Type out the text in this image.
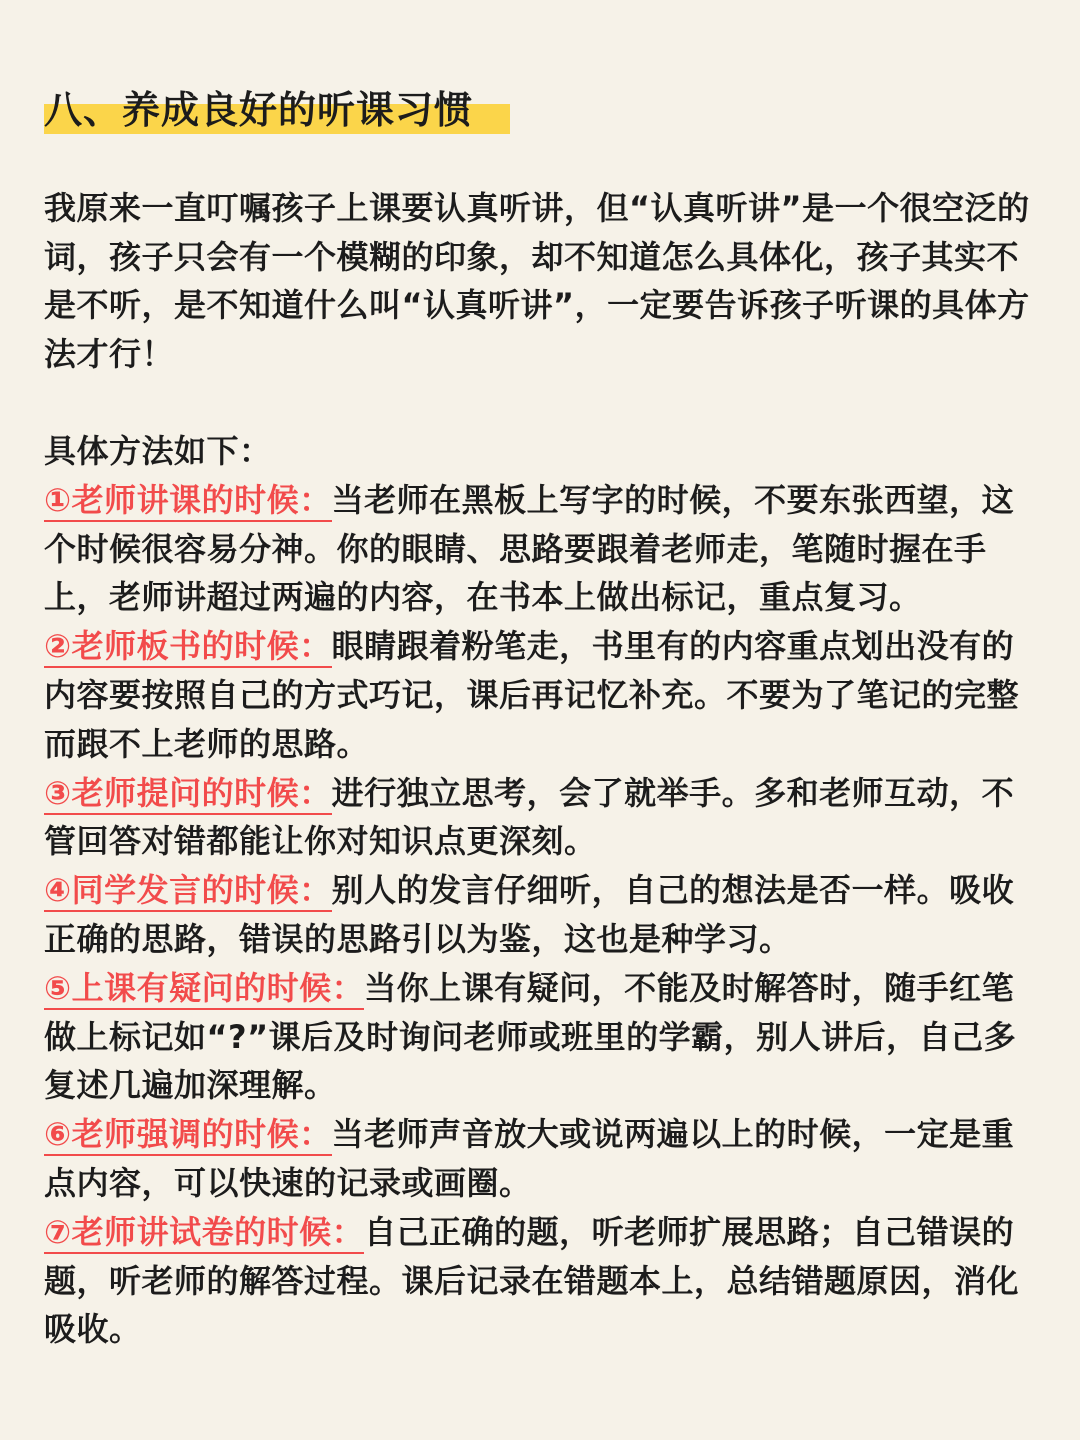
八、养成良好的听课习惯

我原来一直叮嘱孩子上课要认真听讲，但“认真听讲”是一个很空泛的词，孩子只会有一个模糊的印象，却不知道怎么具体化，孩子其实不是不听，是不知道什么叫“认真听讲”，一定要告诉孩子听课的具体方法才行！

具体方法如下：

①老师讲课的时候：当老师在黑板上写字的时候，不要东张西望，这个时候很容易分神。你的眼睛、思路要跟着老师走，笔随时握在手上，老师讲超过两遍的内容，在书本上做出标记，重点复习。

②老师板书的时候：眼睛跟着粉笔走，书里有的内容重点划出没有的内容要按照自己的方式巧记，课后再记忆补充。不要为了笔记的完整而跟不上老师的思路。

③老师提问的时候：进行独立思考，会了就举手。多和老师互动，不管回答对错都能让你对知识点更深刻。

④同学发言的时候：别人的发言仔细听，自己的想法是否一样。吸收正确的思路，错误的思路引以为鉴，这也是种学习。

⑤上课有疑问的时候：当你上课有疑问，不能及时解答时，随手红笔做上标记如“?”课后及时询问老师或班里的学霸，别人讲后，自己多复述几遍加深理解。

⑥老师强调的时候：当老师声音放大或说两遍以上的时候，一定是重点内容，可以快速的记录或画圈。

⑦老师讲试卷的时候：自己正确的题，听老师扩展思路；自己错误的题，听老师的解答过程。课后记录在错题本上，总结错题原因，消化吸收。
